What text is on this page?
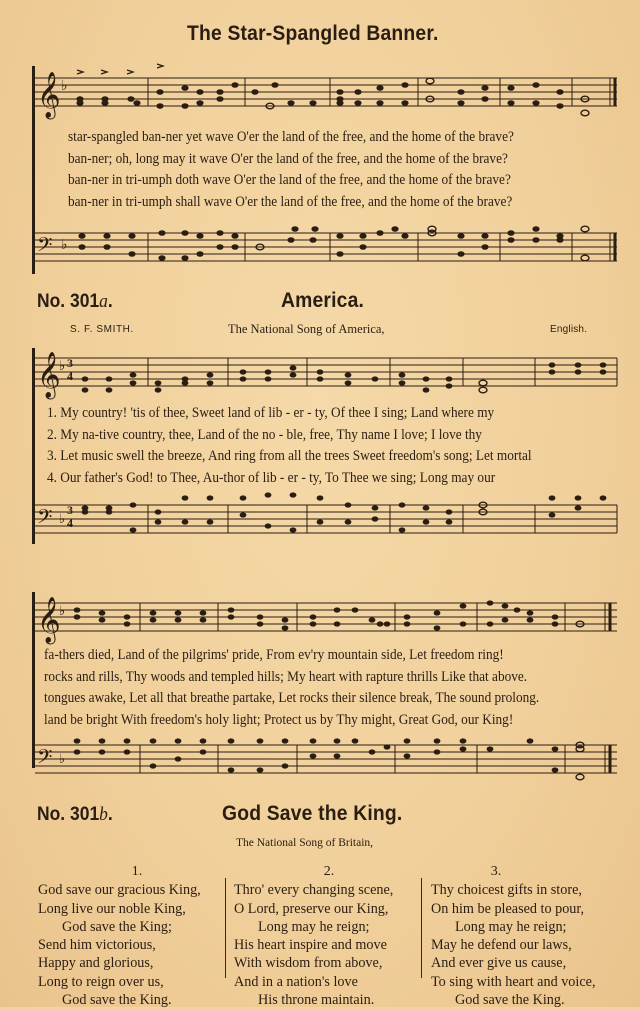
The Star-Spangled Banner.
𝄞 ♭
star-spangled ban-ner yet wave O'er the land of the free, and the home of the brave?
ban-ner; oh, long may it wave O'er the land of the free, and the home of the brave?
ban-ner in tri-umph doth wave O'er the land of the free, and the home of the brave?
ban-ner in tri-umph shall wave O'er the land of the free, and the home of the brave?
𝄢 ♭
No. 301a.	America.
S. F. SMITH.	The National Song of America,	English.
𝄞
♭ 3
4
1. My country! 'tis of thee, Sweet land of lib - er - ty, Of thee I sing; Land where my
2. My na-tive country, thee, Land of the no - ble, free, Thy name I love; I love thy
3. Let music swell the breeze, And ring from all the trees Sweet freedom's song; Let mortal
4. Our father's God! to Thee, Au-thor of lib - er - ty, To Thee we sing; Long may our
𝄢 ♭
3
4
𝄞
♭
fa-thers died, Land of the pilgrims' pride, From ev'ry mountain side, Let freedom ring!
rocks and rills, Thy woods and templed hills; My heart with rapture thrills Like that above.
tongues awake, Let all that breathe partake, Let rocks their silence break, The sound prolong.
land be bright With freedom's holy light; Protect us by Thy might, Great God, our King!
𝄢 ♭
No. 301b.	God Save the King.
The National Song of Britain,
1.
God save our gracious King,
Long live our noble King,
God save the King;
Send him victorious,
Happy and glorious,
Long to reign over us,
God save the King.
2.
Thro' every changing scene,
O Lord, preserve our King,
Long may he reign;
His heart inspire and move
With wisdom from above,
And in a nation's love
His throne maintain.
3.
Thy choicest gifts in store,
On him be pleased to pour,
Long may he reign;
May he defend our laws,
And ever give us cause,
To sing with heart and voice,
God save the King.
